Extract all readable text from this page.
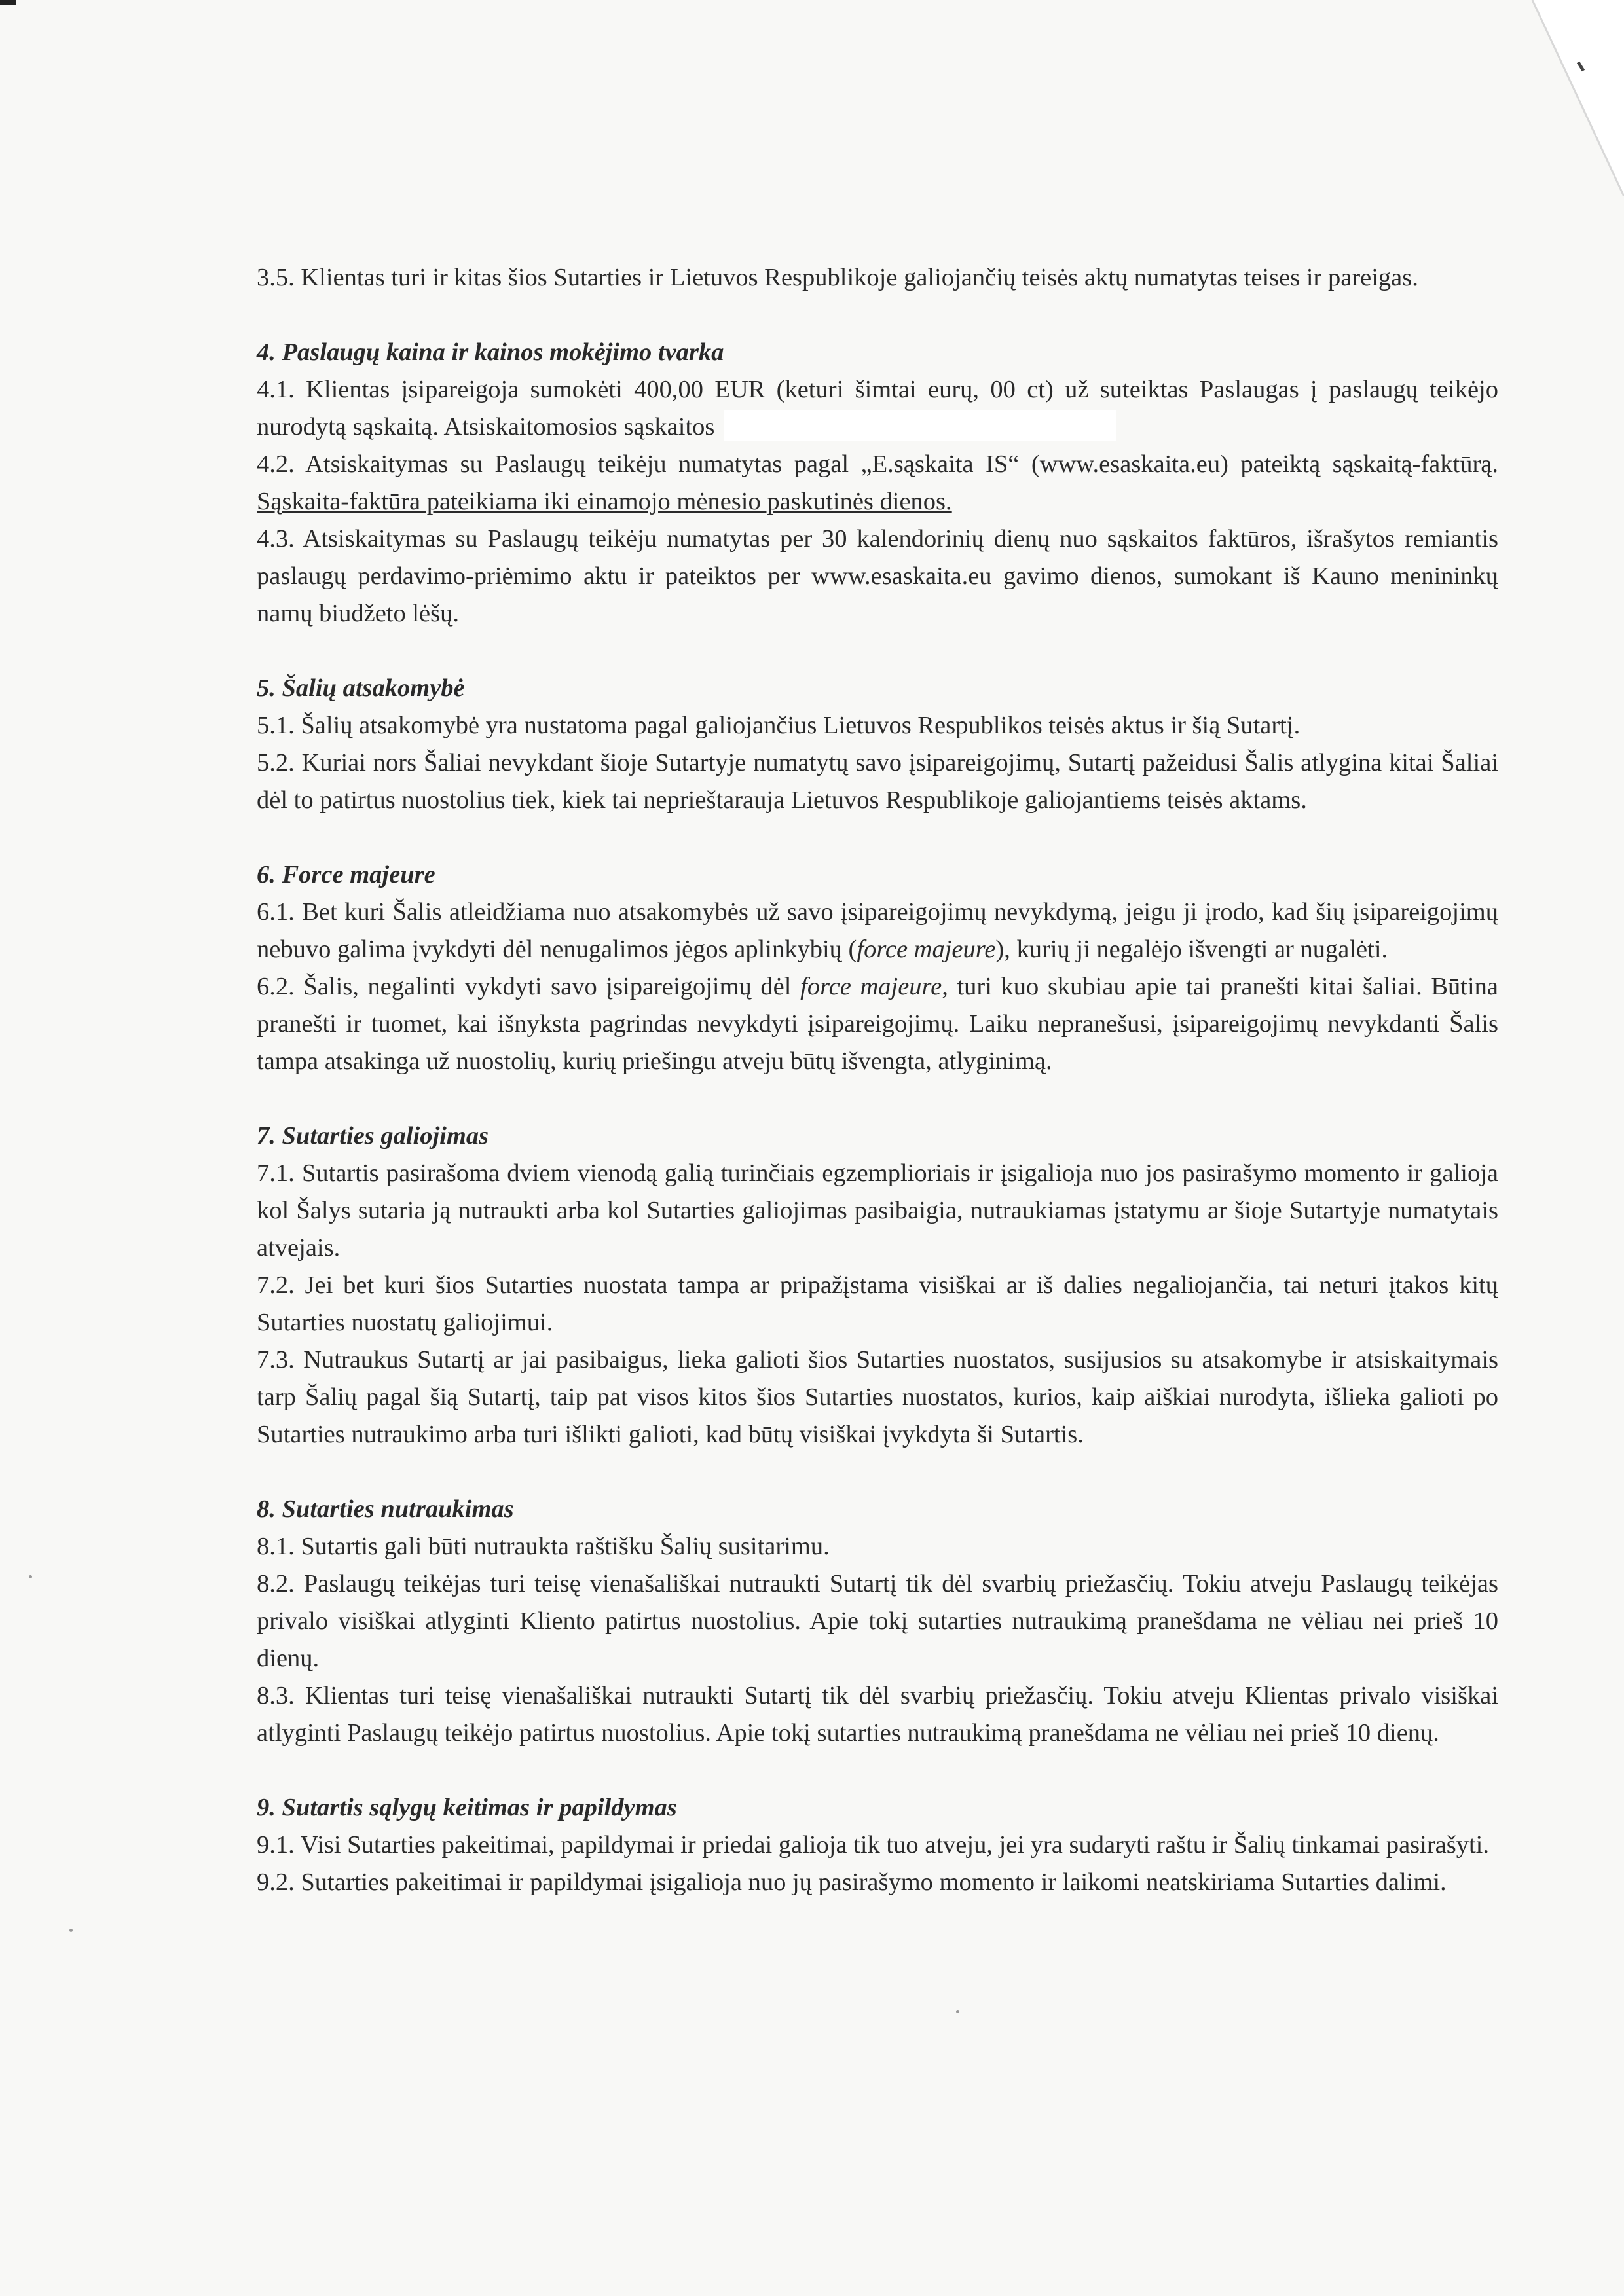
3.5. Klientas turi ir kitas šios Sutarties ir Lietuvos Respublikoje galiojančių teisės aktų numatytas teises ir pareigas.

4. Paslaugų kaina ir kainos mokėjimo tvarka

4.1. Klientas įsipareigoja sumokėti 400,00 EUR (keturi šimtai eurų, 00 ct) už suteiktas Paslaugas į paslaugų teikėjo nurodytą sąskaitą. Atsiskaitomosios sąskaitos

4.2. Atsiskaitymas su Paslaugų teikėju numatytas pagal „E.sąskaita IS“ (www.esaskaita.eu) pateiktą sąskaitą-faktūrą. Sąskaita-faktūra pateikiama iki einamojo mėnesio paskutinės dienos.

4.3. Atsiskaitymas su Paslaugų teikėju numatytas per 30 kalendorinių dienų nuo sąskaitos faktūros, išrašytos remiantis paslaugų perdavimo-priėmimo aktu ir pateiktos per www.esaskaita.eu gavimo dienos, sumokant iš Kauno menininkų namų biudžeto lėšų.

5. Šalių atsakomybė

5.1. Šalių atsakomybė yra nustatoma pagal galiojančius Lietuvos Respublikos teisės aktus ir šią Sutartį.

5.2. Kuriai nors Šaliai nevykdant šioje Sutartyje numatytų savo įsipareigojimų, Sutartį pažeidusi Šalis atlygina kitai Šaliai dėl to patirtus nuostolius tiek, kiek tai neprieštarauja Lietuvos Respublikoje galiojantiems teisės aktams.

6. Force majeure

6.1. Bet kuri Šalis atleidžiama nuo atsakomybės už savo įsipareigojimų nevykdymą, jeigu ji įrodo, kad šių įsipareigojimų nebuvo galima įvykdyti dėl nenugalimos jėgos aplinkybių (force majeure), kurių ji negalėjo išvengti ar nugalėti.

6.2. Šalis, negalinti vykdyti savo įsipareigojimų dėl force majeure, turi kuo skubiau apie tai pranešti kitai šaliai. Būtina pranešti ir tuomet, kai išnyksta pagrindas nevykdyti įsipareigojimų. Laiku nepranešusi, įsipareigojimų nevykdanti Šalis tampa atsakinga už nuostolių, kurių priešingu atveju būtų išvengta, atlyginimą.

7. Sutarties galiojimas

7.1. Sutartis pasirašoma dviem vienodą galią turinčiais egzemplioriais ir įsigalioja nuo jos pasirašymo momento ir galioja kol Šalys sutaria ją nutraukti arba kol Sutarties galiojimas pasibaigia, nutraukiamas įstatymu ar šioje Sutartyje numatytais atvejais.

7.2. Jei bet kuri šios Sutarties nuostata tampa ar pripažįstama visiškai ar iš dalies negaliojančia, tai neturi įtakos kitų Sutarties nuostatų galiojimui.

7.3. Nutraukus Sutartį ar jai pasibaigus, lieka galioti šios Sutarties nuostatos, susijusios su atsakomybe ir atsiskaitymais tarp Šalių pagal šią Sutartį, taip pat visos kitos šios Sutarties nuostatos, kurios, kaip aiškiai nurodyta, išlieka galioti po Sutarties nutraukimo arba turi išlikti galioti, kad būtų visiškai įvykdyta ši Sutartis.

8. Sutarties nutraukimas

8.1. Sutartis gali būti nutraukta raštišku Šalių susitarimu.

8.2. Paslaugų teikėjas turi teisę vienašališkai nutraukti Sutartį tik dėl svarbių priežasčių. Tokiu atveju Paslaugų teikėjas privalo visiškai atlyginti Kliento patirtus nuostolius. Apie tokį sutarties nutraukimą pranešdama ne vėliau nei prieš 10 dienų.

8.3. Klientas turi teisę vienašališkai nutraukti Sutartį tik dėl svarbių priežasčių. Tokiu atveju Klientas privalo visiškai atlyginti Paslaugų teikėjo patirtus nuostolius. Apie tokį sutarties nutraukimą pranešdama ne vėliau nei prieš 10 dienų.

9. Sutartis sąlygų keitimas ir papildymas

9.1. Visi Sutarties pakeitimai, papildymai ir priedai galioja tik tuo atveju, jei yra sudaryti raštu ir Šalių tinkamai pasirašyti.

9.2. Sutarties pakeitimai ir papildymai įsigalioja nuo jų pasirašymo momento ir laikomi neatskiriama Sutarties dalimi.
